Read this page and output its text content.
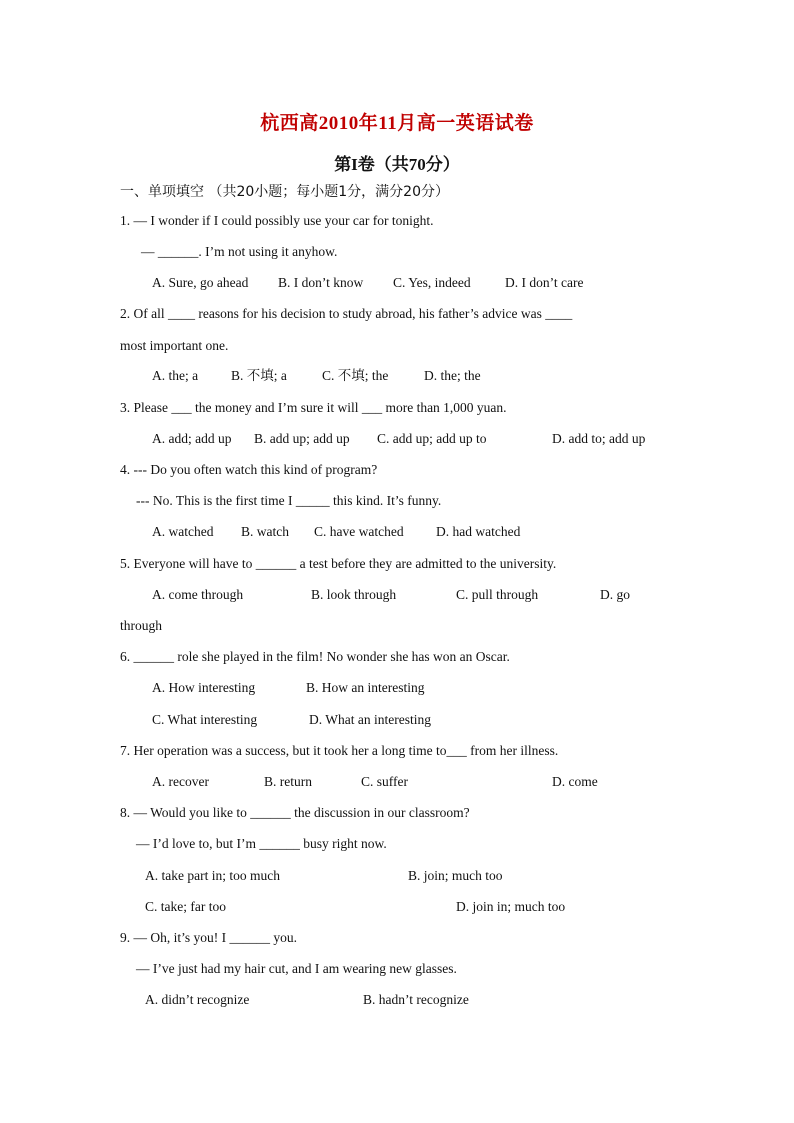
杭西高2010年11月高一英语试卷
第I卷（共70分）
一、单项填空 （共20小题；每小题1分，满分20分）
1. — I wonder if I could possibly use your car for tonight.
— ______. I’m not using it anyhow.
A. Sure, go ahead B. I don’t know C. Yes, indeed	D. I don’t care
2. Of all ____ reasons for his decision to study abroad, his father’s advice was ____
most important one.
A. the; a B. 不填; a	C. 不填; the	D. the; the
3. Please ___ the money and I’m sure it will ___ more than 1,000 yuan.
A. add; add up B. add up; add up C. add up; add up to	D. add to; add up
4. --- Do you often watch this kind of program?
--- No. This is the first time I _____ this kind. It’s funny.
A. watched B. watch C. have watched D. had watched
5. Everyone will have to ______ a test before they are admitted to the university.
A. come through	B. look through	C. pull through	D. go
through
6. ______ role she played in the film! No wonder she has won an Oscar.
A. How interesting	B. How an interesting
C. What interesting	D. What an interesting
7. Her operation was a success, but it took her a long time to___ from her illness.
A. recover	B. return	C. suffer	D. come
8. — Would you like to ______ the discussion in our classroom?
— I’d love to, but I’m ______ busy right now.
A. take part in; too much	B. join; much too
C. take; far too	D. join in; much too
9. — Oh, it’s you! I ______ you.
— I’ve just had my hair cut, and I am wearing new glasses.
A. didn’t recognize	B. hadn’t recognize
